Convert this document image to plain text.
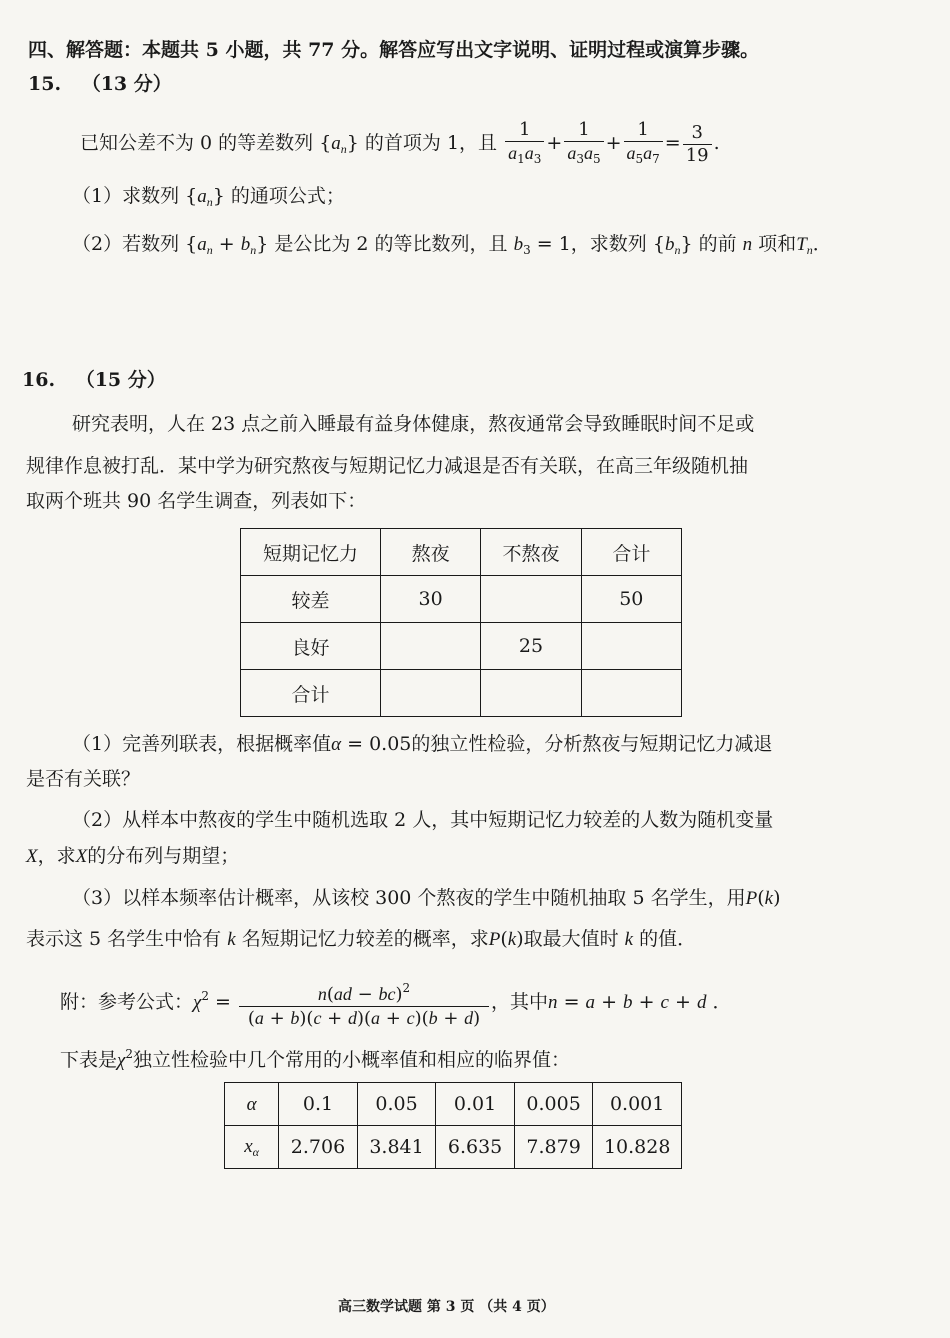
四、解答题：本题共 5 小题，共 77 分。解答应写出文字说明、证明过程或演算步骤。
15. （13 分）
已知公差不为 0 的等差数列 $\{a_n\}$ 的首项为 1，且 $\frac{1}{a_1a_3} + \frac{1}{a_3a_5} + \frac{1}{a_5a_7} = \frac{3}{19}$ .
（1）求数列 $\{a_n\}$ 的通项公式；
（2）若数列 $\{a_n + b_n\}$ 是公比为 2 的等比数列，且 $b_3 = 1$，求数列 $\{b_n\}$ 的前 n 项和$T_n$．
16. （15 分）
研究表明，人在 23 点之前入睡最有益身体健康，熬夜通常会导致睡眠时间不足或
规律作息被打乱．某中学为研究熬夜与短期记忆力减退是否有关联，在高三年级随机抽
取两个班共 90 名学生调查，列表如下：
短期记忆力	熬夜	不熬夜	合计
较差	30		50
良好		25	
合计			
（1）完善列联表，根据概率值α = 0.05的独立性检验，分析熬夜与短期记忆力减退
是否有关联？
（2）从样本中熬夜的学生中随机选取 2 人，其中短期记忆力较差的人数为随机变量
X，求X的分布列与期望；
（3）以样本频率估计概率，从该校 300 个熬夜的学生中随机抽取 5 名学生，用P(k)
表示这 5 名学生中恰有 k 名短期记忆力较差的概率，求P(k)取最大值时 k 的值．
附：参考公式：$\chi^2 = \frac{n(ad - bc)^2}{(a + b)(c + d)(a + c)(b + d)}$ ，其中n = a + b + c + d ．
下表是$\chi^2$独立性检验中几个常用的小概率值和相应的临界值：
α	0.1	0.05	0.01	0.005	0.001
$x_\alpha$	2.706	3.841	6.635	7.879	10.828
高三数学试题 第 3 页 （共 4 页）
